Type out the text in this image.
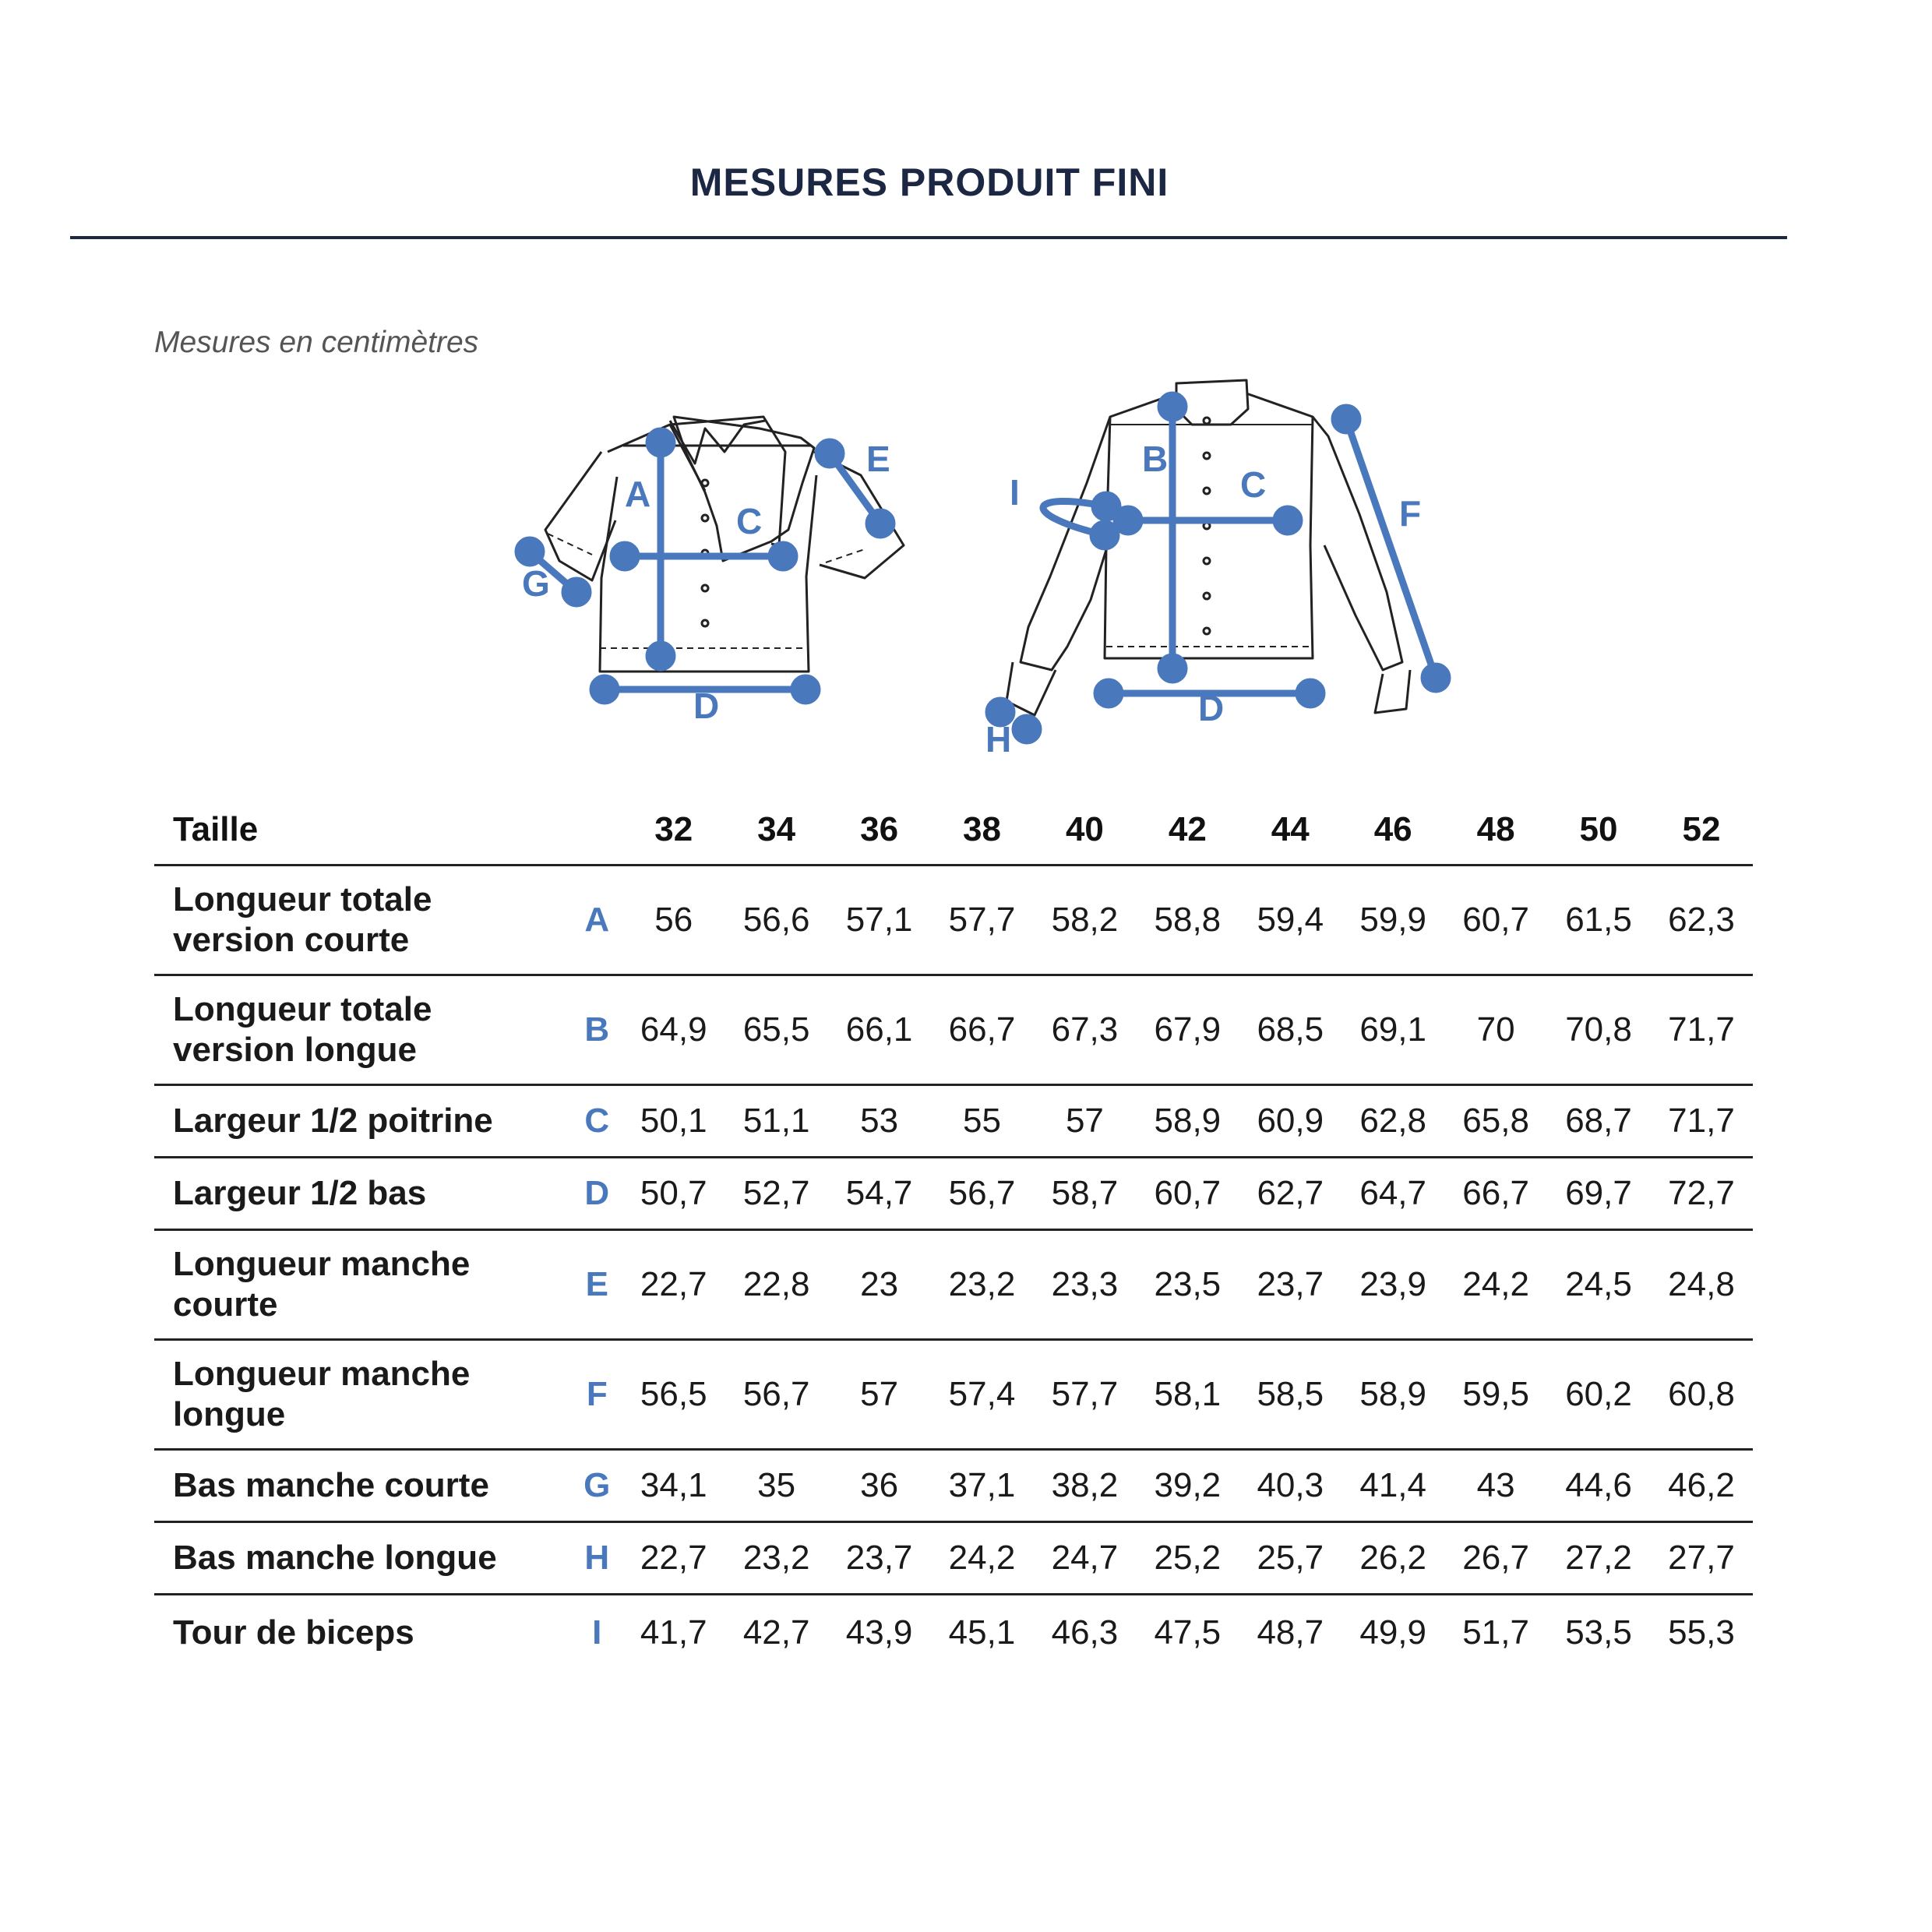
MESURES PRODUIT FINI
Mesures en centimètres
A
C
E
G
D
B
C
I
F
D
H
Taille		32	34	36	38	40	42	44	46	48	50	52
Longueur totale
version courte	A	56	56,6	57,1	57,7	58,2	58,8	59,4	59,9	60,7	61,5	62,3
Longueur totale
version longue	B	64,9	65,5	66,1	66,7	67,3	67,9	68,5	69,1	70	70,8	71,7
Largeur 1/2 poitrine	C	50,1	51,1	53	55	57	58,9	60,9	62,8	65,8	68,7	71,7
Largeur 1/2 bas	D	50,7	52,7	54,7	56,7	58,7	60,7	62,7	64,7	66,7	69,7	72,7
Longueur manche
courte	E	22,7	22,8	23	23,2	23,3	23,5	23,7	23,9	24,2	24,5	24,8
Longueur manche
longue	F	56,5	56,7	57	57,4	57,7	58,1	58,5	58,9	59,5	60,2	60,8
Bas manche courte	G	34,1	35	36	37,1	38,2	39,2	40,3	41,4	43	44,6	46,2
Bas manche longue	H	22,7	23,2	23,7	24,2	24,7	25,2	25,7	26,2	26,7	27,2	27,7
Tour de biceps	I	41,7	42,7	43,9	45,1	46,3	47,5	48,7	49,9	51,7	53,5	55,3
